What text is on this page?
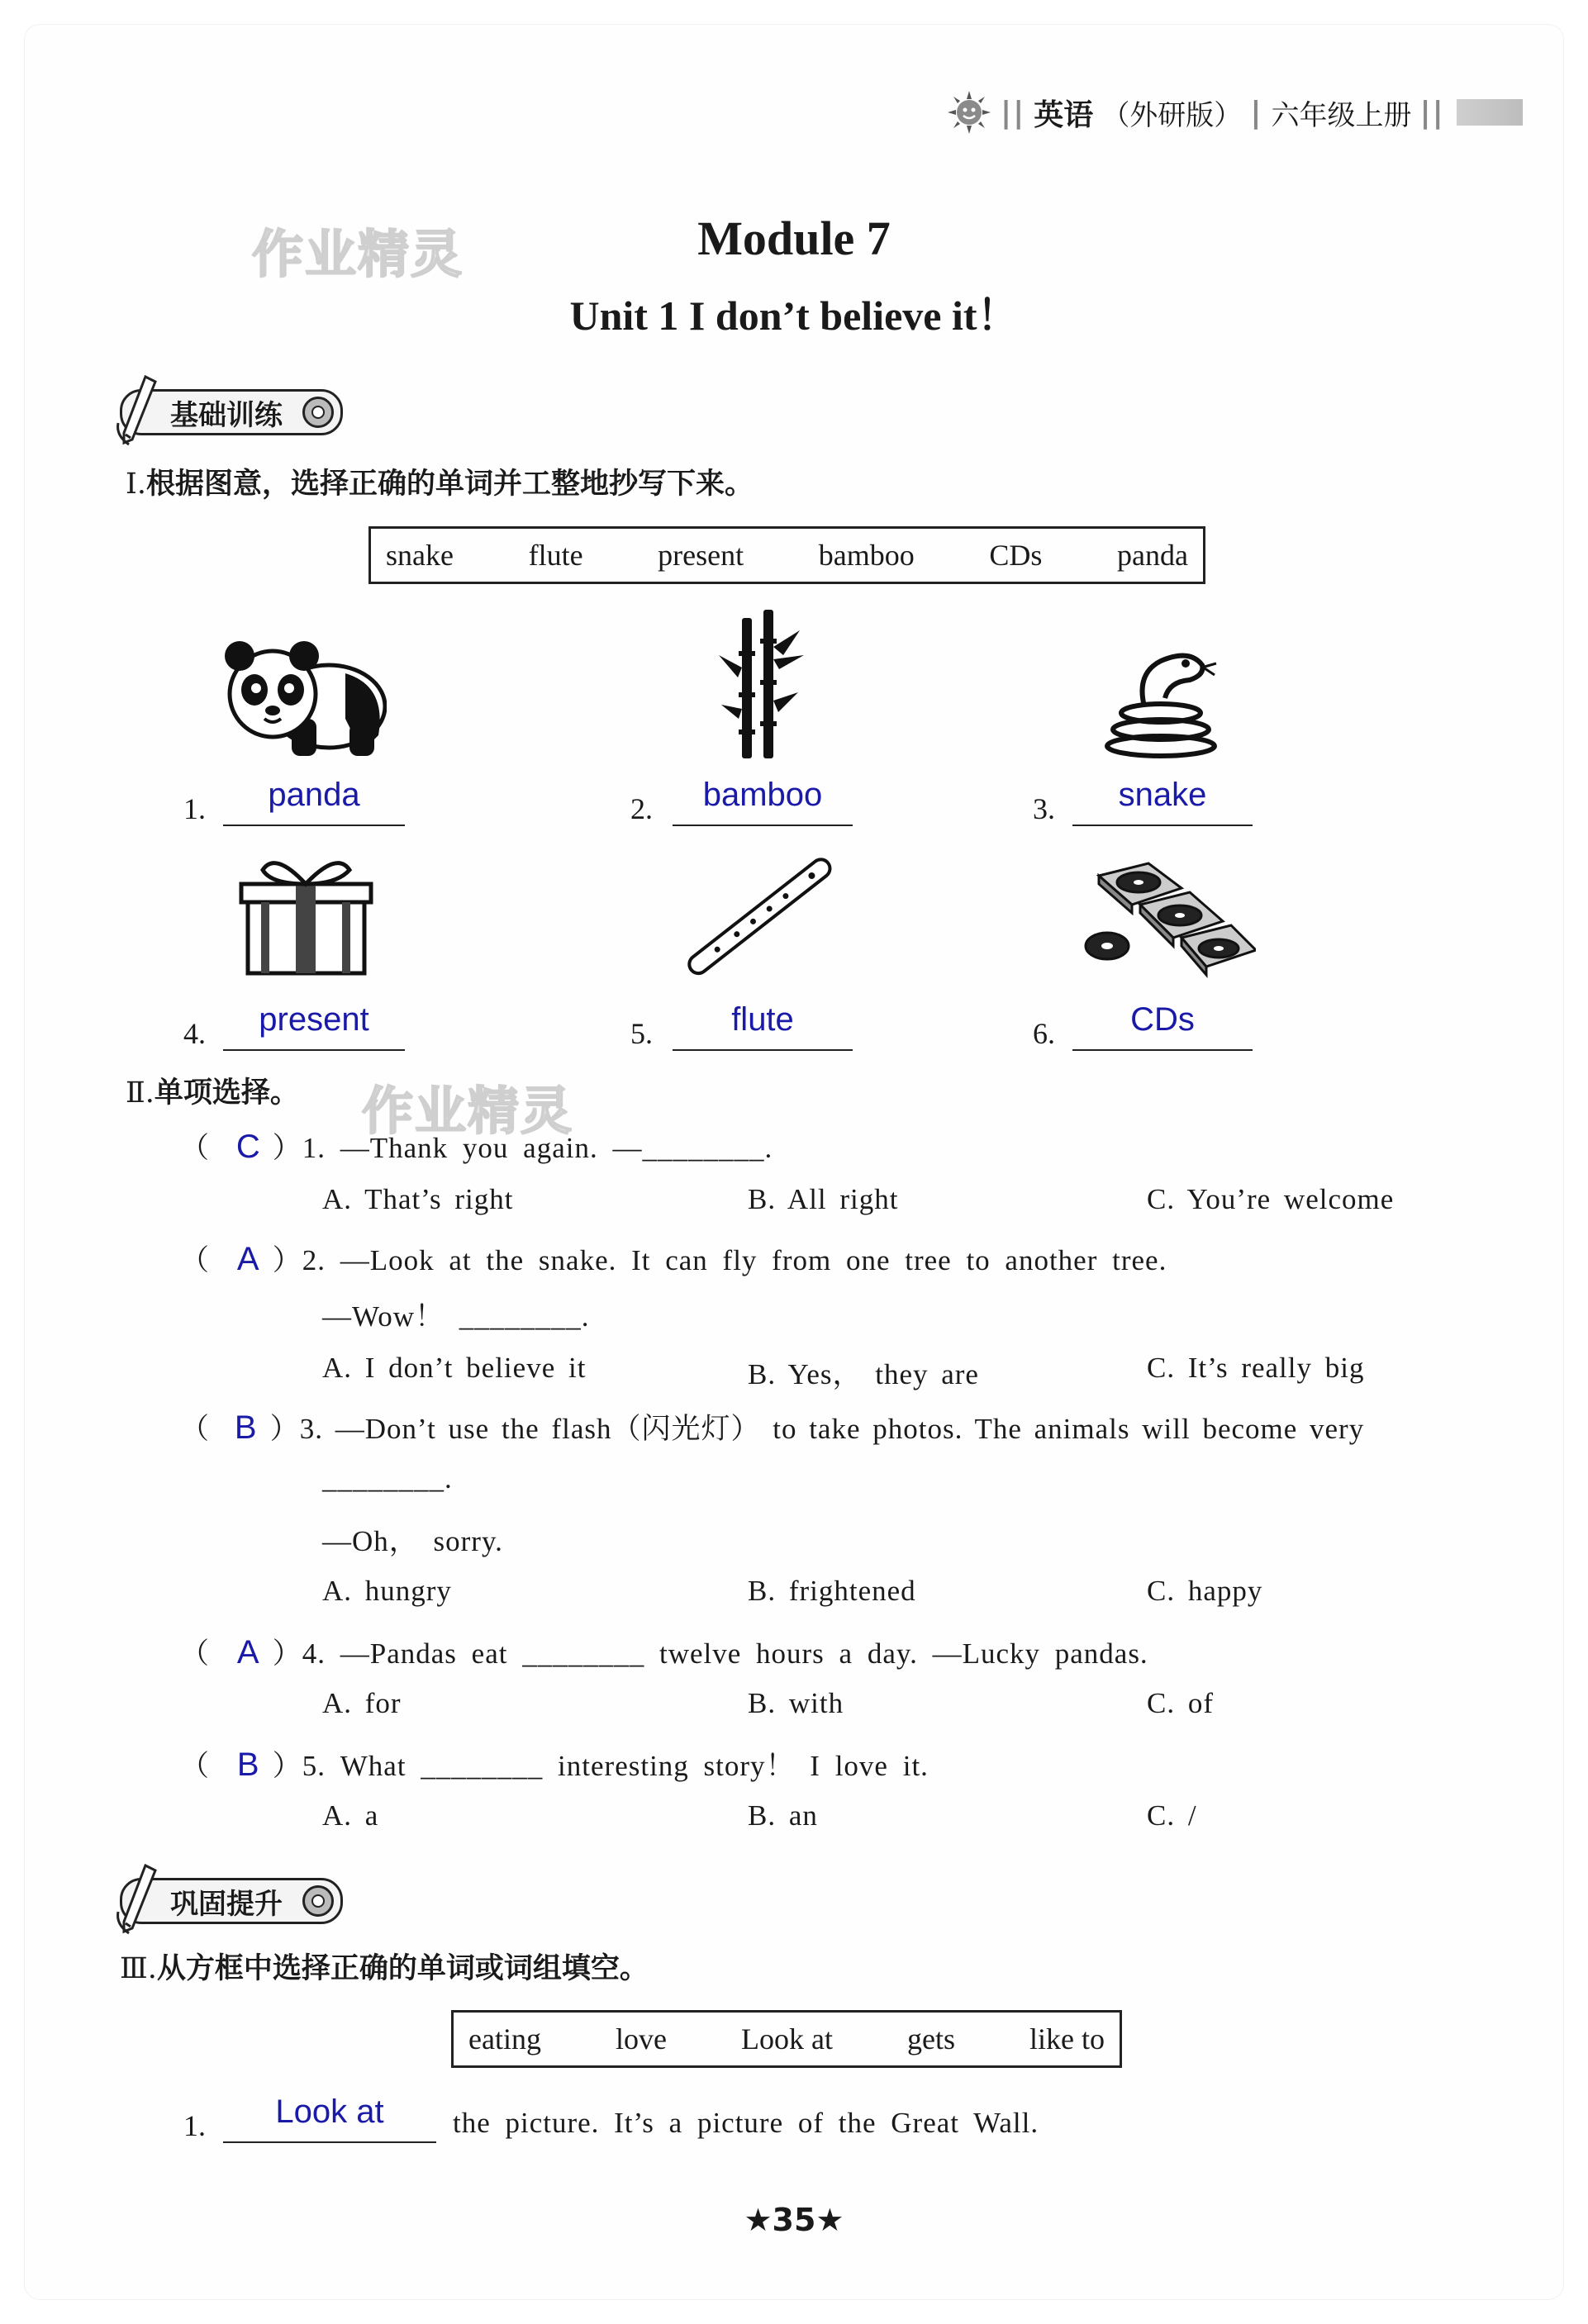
|| 英语 （外研版） | 六年级上册 ||
作业精灵
作业精灵
Module 7
Unit 1 I don’t believe it！
基础训练
Ⅰ.根据图意，选择正确的单词并工整地抄写下来。
snake	flute	present	bamboo	CDs	panda
1.	panda	2.	bamboo	3.	snake
4.	present	5.	flute	6.	CDs
Ⅱ.单项选择。
（ C ）1. —Thank you again. —________.
A. That’s right	B. All right	C. You’re welcome
（ A ）2. —Look at the snake. It can fly from one tree to another tree.
—Wow！ ________.
A. I don’t believe it	B. Yes， they are	C. It’s really big
（ B ）3. —Don’t use the flash（闪光灯） to take photos. The animals will become very
________.
—Oh， sorry.
A. hungry	B. frightened	C. happy
（ A ）4. —Pandas eat ________ twelve hours a day. —Lucky pandas.
A. for	B. with	C. of
（ B ）5. What ________ interesting story！ I love it.
A. a	B. an	C. /
巩固提升
Ⅲ.从方框中选择正确的单词或词组填空。
eating	love	Look at	gets	like to
1.	Look at	the picture. It’s a picture of the Great Wall.
★35★
